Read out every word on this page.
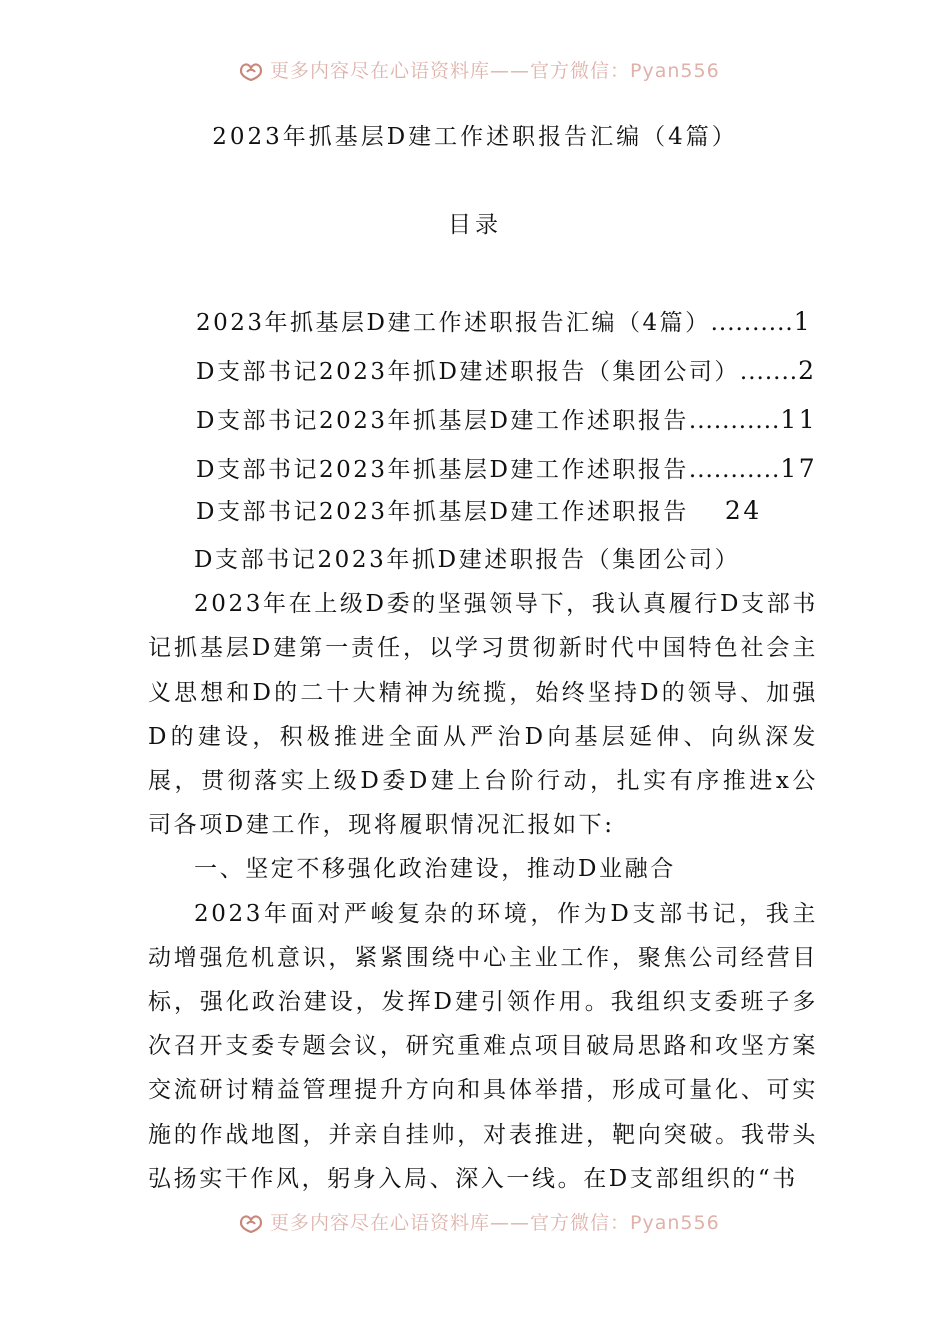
更多内容尽在心语资料库——官方微信：Pyan556
2023年抓基层D建工作述职报告汇编（4篇）
目录
2023年抓基层D建工作述职报告汇编（4篇） .......... 1
D支部书记2023年抓D建述职报告（集团公司） ....... 2
D支部书记2023年抓基层D建工作述职报告 ........... 11
D支部书记2023年抓基层D建工作述职报告 ........... 17
D支部书记2023年抓基层D建工作述职报告 24

D支部书记2023年抓D建述职报告（集团公司）

2023年在上级D委的坚强领导下，我认真履行D支部书记抓基层D建第一责任，以学习贯彻新时代中国特色社会主义思想和D的二十大精神为统揽，始终坚持D的领导、加强D的建设，积极推进全面从严治D向基层延伸、向纵深发展，贯彻落实上级D委D建上台阶行动，扎实有序推进x公司各项D建工作，现将履职情况汇报如下:

一、坚定不移强化政治建设，推动D业融合

2023年面对严峻复杂的环境，作为D支部书记，我主动增强危机意识，紧紧围绕中心主业工作，聚焦公司经营目标，强化政治建设，发挥D建引领作用。我组织支委班子多次召开支委专题会议，研究重难点项目破局思路和攻坚方案交流研讨精益管理提升方向和具体举措，形成可量化、可实施的作战地图，并亲自挂帅，对表推进，靶向突破。我带头弘扬实干作风，躬身入局、深入一线。在D支部组织的“书

更多内容尽在心语资料库——官方微信：Pyan556
